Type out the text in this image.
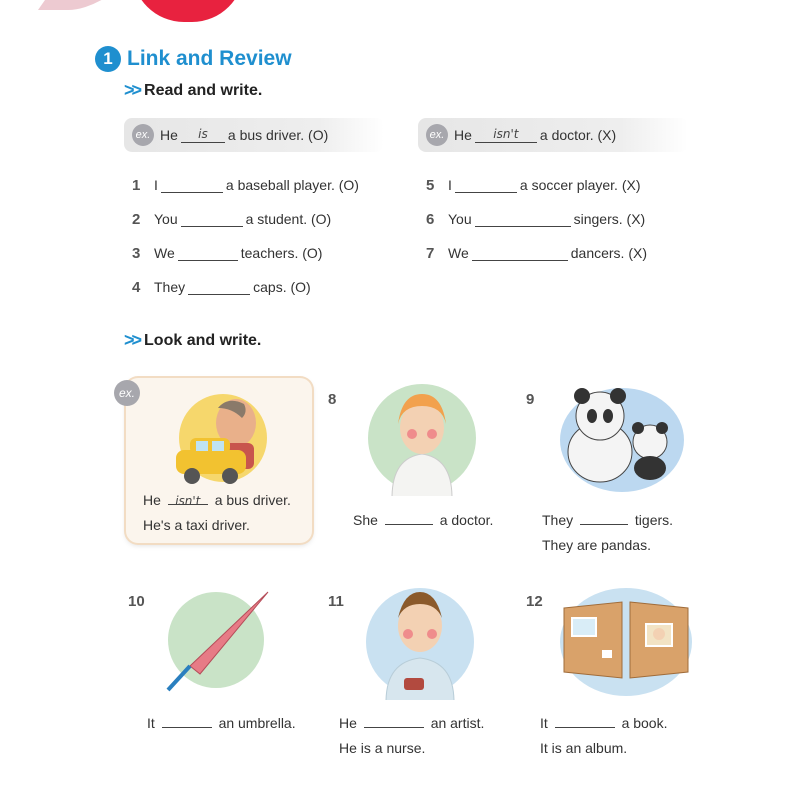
1 Link and Review
>> Read and write.
ex. He	is	a bus driver. (O)	ex. He	isn't	a doctor. (X)
1 I	a baseball player. (O)
2 You	a student. (O)
3 We	teachers. (O)
4 They	caps. (O)
5 I	a soccer player. (X)
6 You	singers. (X)
7 We	dancers. (X)
>> Look and write.
ex.
He isn't a bus driver.
He's a taxi driver.
8
She	a doctor.
9
They	tigers.
They are pandas.
10
It	an umbrella.
11
He	an artist.
He is a nurse.
12
It	a book.
It is an album.
